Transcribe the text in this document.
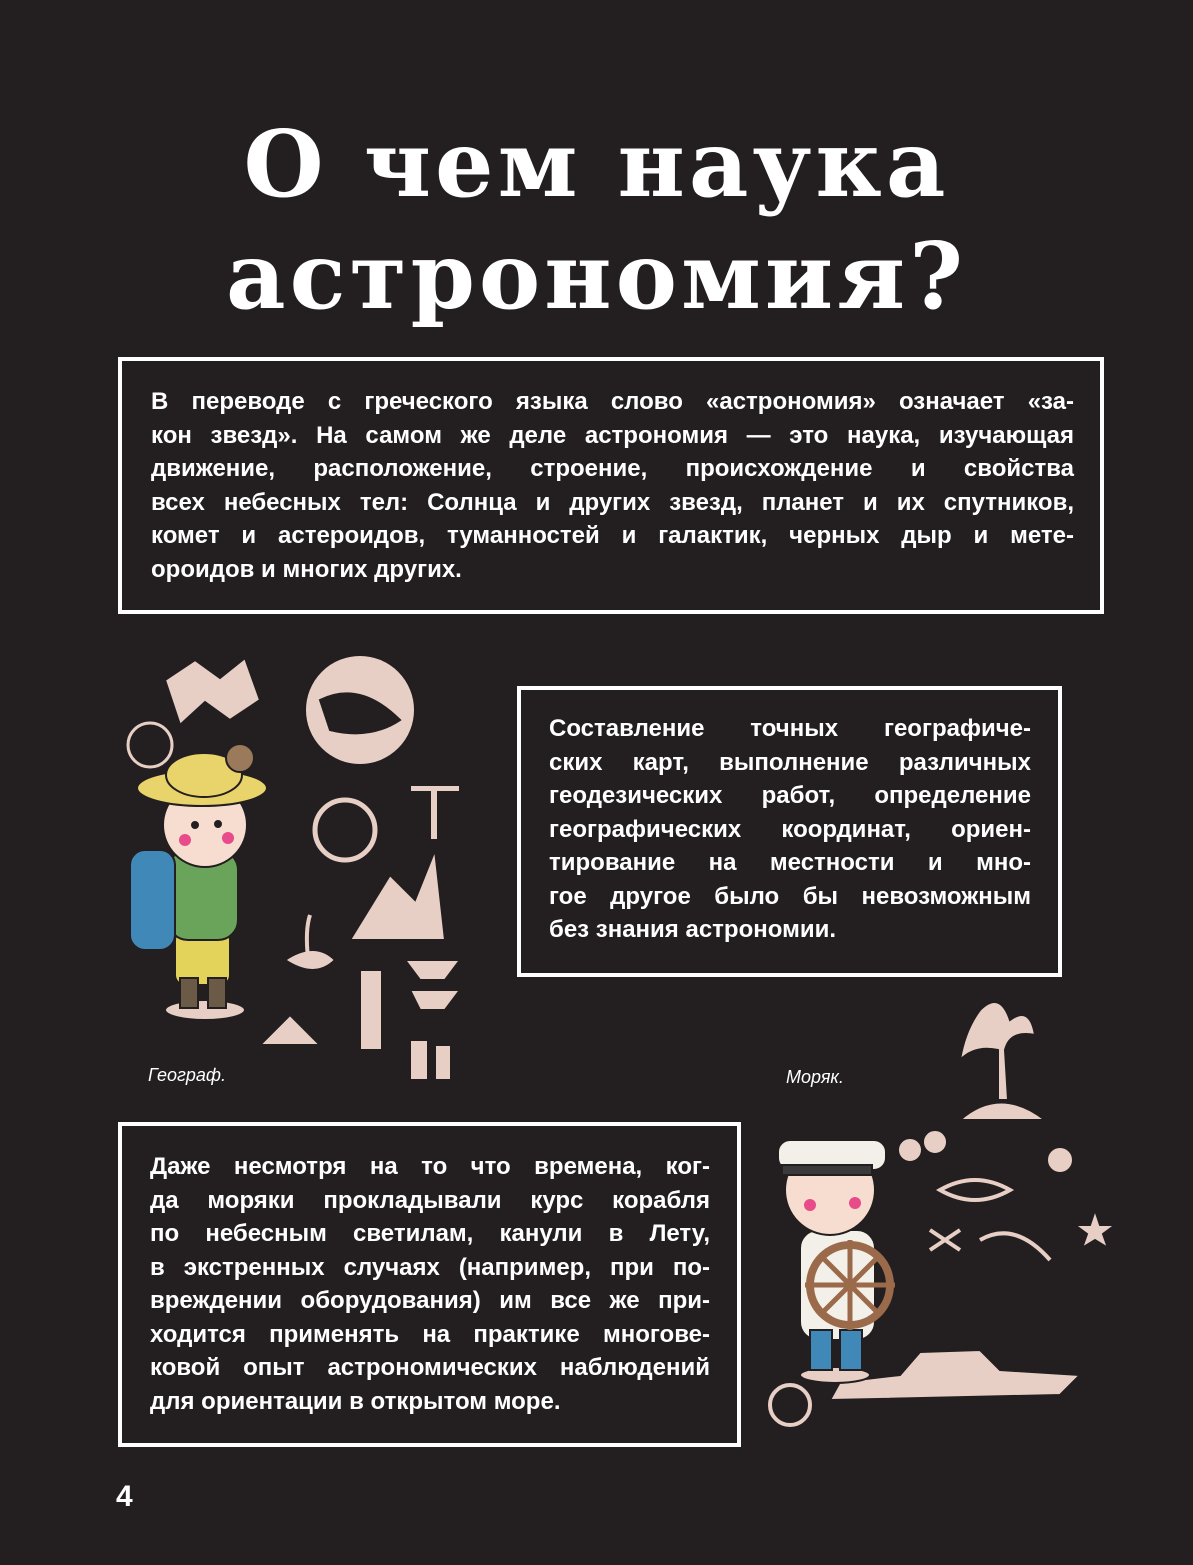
О чем наука
астрономия?
В переводе с греческого языка слово «астрономия» означает «за-
кон звезд». На самом же деле астрономия — это наука, изучающая
движение, расположение, строение, происхождение и свойства
всех небесных тел: Солнца и других звезд, планет и их спутников,
комет и астероидов, туманностей и галактик, черных дыр и мете-
ороидов и многих других.
Составление точных географиче-
ских карт, выполнение различных
геодезических работ, определение
географических координат, ориен-
тирование на местности и мно-
гое другое было бы невозможным
без знания астрономии.
Даже несмотря на то что времена, ког-
да моряки прокладывали курс корабля
по небесным светилам, канули в Лету,
в экстренных случаях (например, при по-
вреждении оборудования) им все же при-
ходится применять на практике многове-
ковой опыт астрономических наблюдений
для ориентации в открытом море.
Географ.	Моряк.
4
